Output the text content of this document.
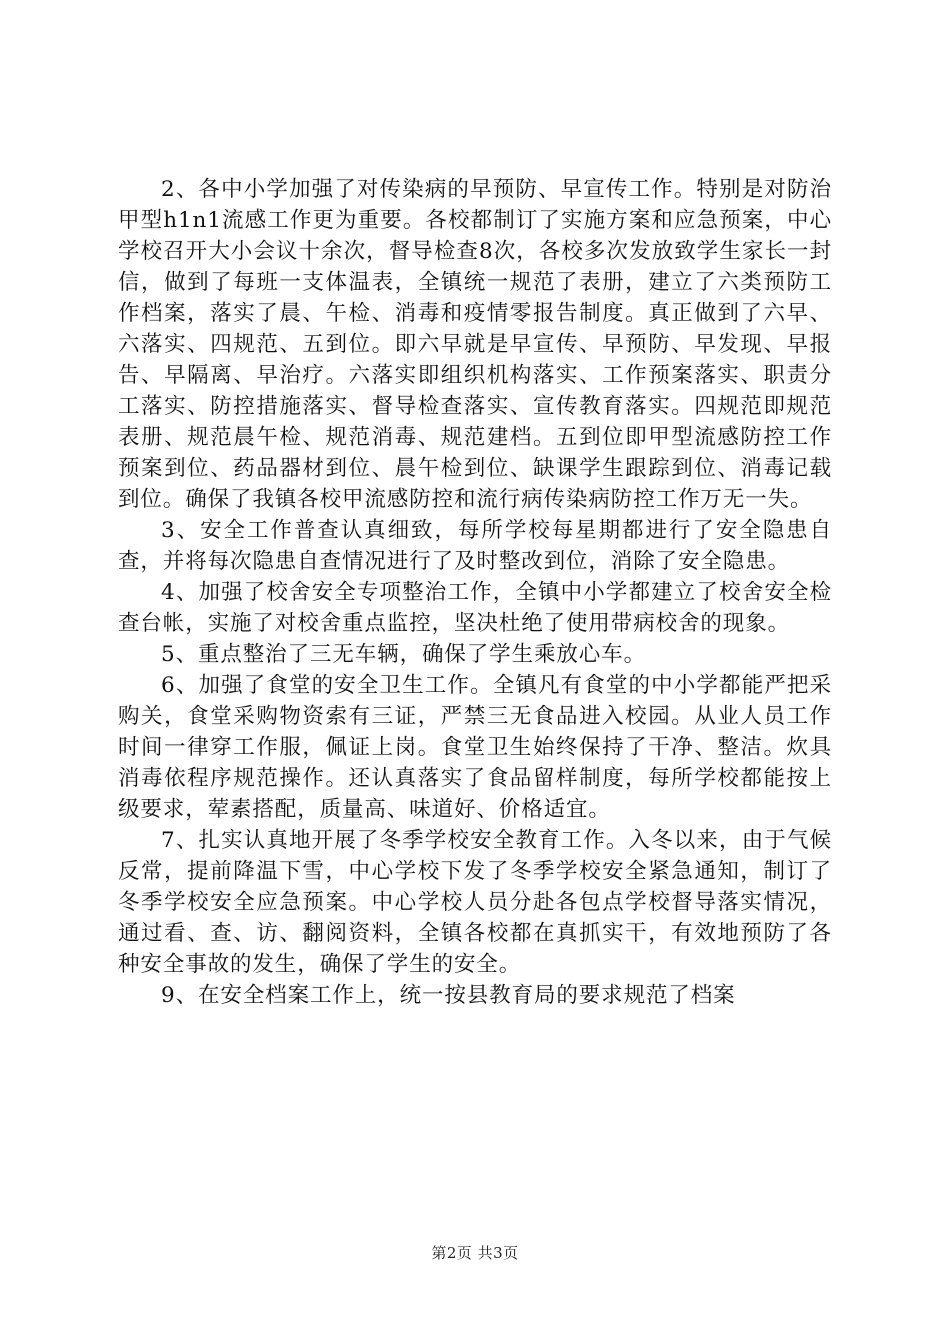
2、各中小学加强了对传染病的早预防、早宣传工作。特别是对防治甲型h1n1流感工作更为重要。各校都制订了实施方案和应急预案，中心学校召开大小会议十余次，督导检查8次，各校多次发放致学生家长一封信，做到了每班一支体温表，全镇统一规范了表册，建立了六类预防工作档案，落实了晨、午检、消毒和疫情零报告制度。真正做到了六早、六落实、四规范、五到位。即六早就是早宣传、早预防、早发现、早报告、早隔离、早治疗。六落实即组织机构落实、工作预案落实、职责分工落实、防控措施落实、督导检查落实、宣传教育落实。四规范即规范表册、规范晨午检、规范消毒、规范建档。五到位即甲型流感防控工作预案到位、药品器材到位、晨午检到位、缺课学生跟踪到位、消毒记载到位。确保了我镇各校甲流感防控和流行病传染病防控工作万无一失。

3、安全工作普查认真细致，每所学校每星期都进行了安全隐患自查，并将每次隐患自查情况进行了及时整改到位，消除了安全隐患。

4、加强了校舍安全专项整治工作，全镇中小学都建立了校舍安全检查台帐，实施了对校舍重点监控，坚决杜绝了使用带病校舍的现象。

5、重点整治了三无车辆，确保了学生乘放心车。

6、加强了食堂的安全卫生工作。全镇凡有食堂的中小学都能严把采购关，食堂采购物资索有三证，严禁三无食品进入校园。从业人员工作时间一律穿工作服，佩证上岗。食堂卫生始终保持了干净、整洁。炊具消毒依程序规范操作。还认真落实了食品留样制度，每所学校都能按上级要求，荤素搭配，质量高、味道好、价格适宜。

7、扎实认真地开展了冬季学校安全教育工作。入冬以来，由于气候反常，提前降温下雪，中心学校下发了冬季学校安全紧急通知，制订了冬季学校安全应急预案。中心学校人员分赴各包点学校督导落实情况，通过看、查、访、翻阅资料，全镇各校都在真抓实干，有效地预防了各种安全事故的发生，确保了学生的安全。

9、在安全档案工作上，统一按县教育局的要求规范了档案

第2页 共3页
